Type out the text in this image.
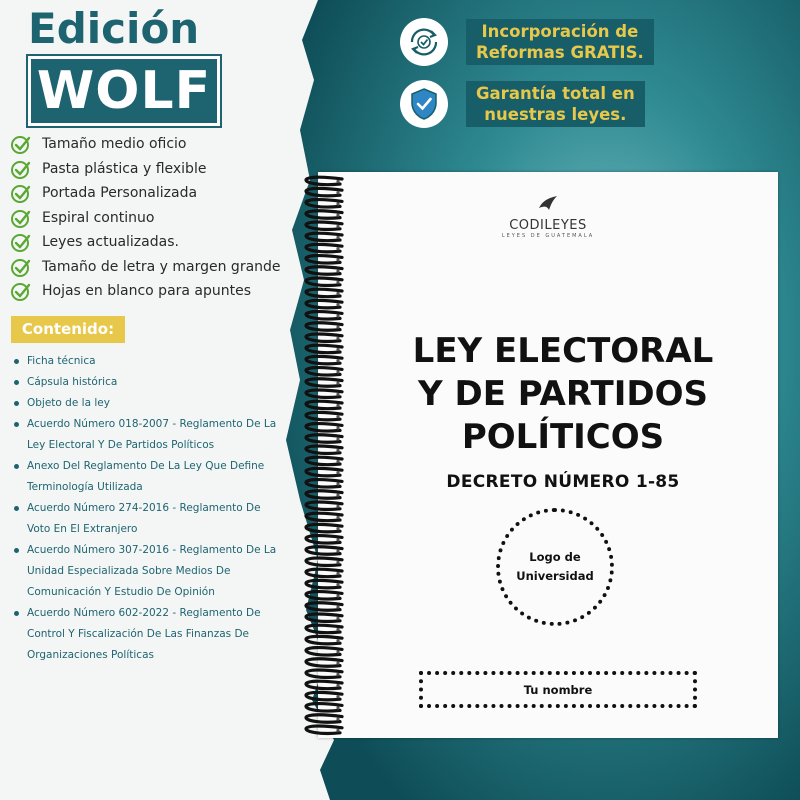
Edición
WOLF
Tamaño medio oficio
Pasta plástica y flexible
Portada Personalizada
Espiral continuo
Leyes actualizadas.
Tamaño de letra y margen grande
Hojas en blanco para apuntes
Contenido:
Ficha técnica
Cápsula histórica
Objeto de la ley
Acuerdo Número 018-2007 - Reglamento De La Ley Electoral Y De Partidos Políticos
Anexo Del Reglamento De La Ley Que Define Terminología Utilizada
Acuerdo Número 274-2016 - Reglamento De Voto En El Extranjero
Acuerdo Número 307-2016 - Reglamento De La Unidad Especializada Sobre Medios De Comunicación Y Estudio De Opinión
Acuerdo Número 602-2022 - Reglamento De Control Y Fiscalización De Las Finanzas De Organizaciones Políticas
Incorporación de
Reformas GRATIS.
Garantía total en
nuestras leyes.
CODILEYES
LEYES DE GUATEMALA
LEY ELECTORAL
Y DE PARTIDOS
POLÍTICOS
DECRETO NÚMERO 1-85
Logo de
Universidad
Tu nombre
